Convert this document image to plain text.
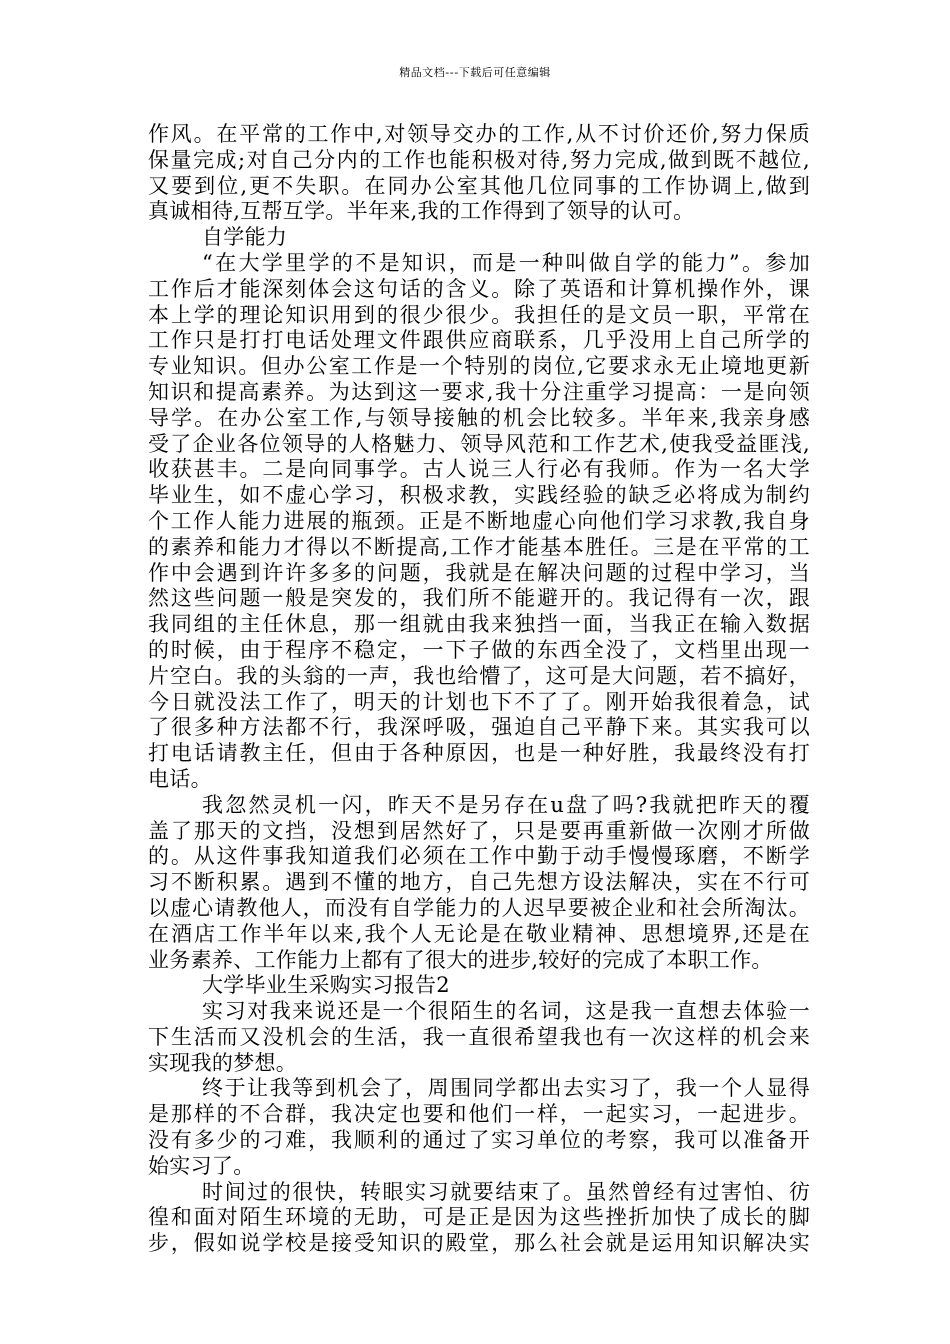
精品文档---下载后可任意编辑
作风。在平常的工作中,对领导交办的工作,从不讨价还价,努力保质
保量完成;对自己分内的工作也能积极对待,努力完成,做到既不越位,
又要到位,更不失职。在同办公室其他几位同事的工作协调上,做到
真诚相待,互帮互学。半年来,我的工作得到了领导的认可。
自学能力
“在大学里学的不是知识，而是一种叫做自学的能力”。参加
工作后才能深刻体会这句话的含义。除了英语和计算机操作外，课
本上学的理论知识用到的很少很少。我担任的是文员一职，平常在
工作只是打打电话处理文件跟供应商联系，几乎没用上自己所学的
专业知识。但办公室工作是一个特别的岗位,它要求永无止境地更新
知识和提高素养。为达到这一要求,我十分注重学习提高：一是向领
导学。在办公室工作,与领导接触的机会比较多。半年来,我亲身感
受了企业各位领导的人格魅力、领导风范和工作艺术,使我受益匪浅,
收获甚丰。二是向同事学。古人说三人行必有我师。作为一名大学
毕业生，如不虚心学习，积极求教，实践经验的缺乏必将成为制约
个工作人能力进展的瓶颈。正是不断地虚心向他们学习求教,我自身
的素养和能力才得以不断提高,工作才能基本胜任。三是在平常的工
作中会遇到许许多多的问题，我就是在解决问题的过程中学习，当
然这些问题一般是突发的，我们所不能避开的。我记得有一次，跟
我同组的主任休息，那一组就由我来独挡一面，当我正在输入数据
的时候，由于程序不稳定，一下子做的东西全没了，文档里出现一
片空白。我的头翁的一声，我也给懵了，这可是大问题，若不搞好，
今日就没法工作了，明天的计划也下不了了。刚开始我很着急，试
了很多种方法都不行，我深呼吸，强迫自己平静下来。其实我可以
打电话请教主任，但由于各种原因，也是一种好胜，我最终没有打
电话。
我忽然灵机一闪，昨天不是另存在u盘了吗?我就把昨天的覆
盖了那天的文挡，没想到居然好了，只是要再重新做一次刚才所做
的。从这件事我知道我们必须在工作中勤于动手慢慢琢磨，不断学
习不断积累。遇到不懂的地方，自己先想方设法解决，实在不行可
以虚心请教他人，而没有自学能力的人迟早要被企业和社会所淘汰。
在酒店工作半年以来,我个人无论是在敬业精神、思想境界,还是在
业务素养、工作能力上都有了很大的进步,较好的完成了本职工作。
大学毕业生采购实习报告2
实习对我来说还是一个很陌生的名词，这是我一直想去体验一
下生活而又没机会的生活，我一直很希望我也有一次这样的机会来
实现我的梦想。
终于让我等到机会了，周围同学都出去实习了，我一个人显得
是那样的不合群，我决定也要和他们一样，一起实习，一起进步。
没有多少的刁难，我顺利的通过了实习单位的考察，我可以准备开
始实习了。
时间过的很快，转眼实习就要结束了。虽然曾经有过害怕、彷
徨和面对陌生环境的无助，可是正是因为这些挫折加快了成长的脚
步，假如说学校是接受知识的殿堂，那么社会就是运用知识解决实
